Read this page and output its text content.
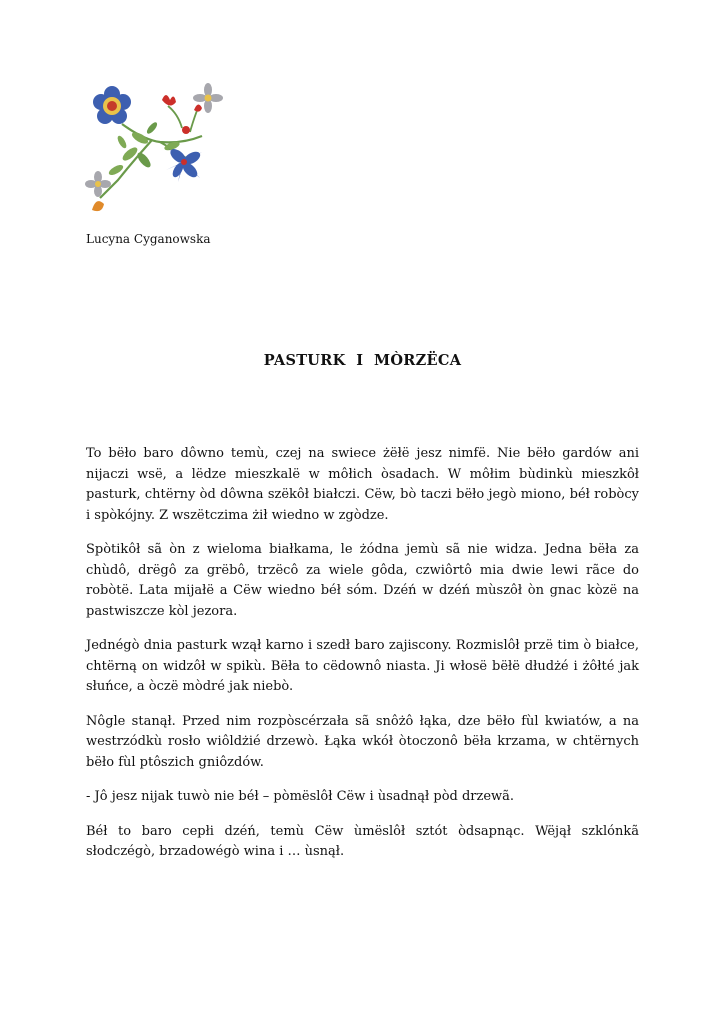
Lucyna Cyganowska
PASTURK  I  MÒRZËCA

To bëło baro dôwno temù, czej na swiece żëłë jesz nimfë. Nie bëło gardów ani nijaczi wsë, a lëdze mieszkalë w môłich òsadach. W môłim bùdinkù mieszkôł pasturk, chtërny òd dôwna szëkôł białczi. Cëw, bò taczi bëło jegò miono, béł robòcy i spòkójny. Z wszëtczima żił wiedno w zgòdze.

Spòtikôł sã òn z wieloma białkama, le żódna jemù sã nie widza. Jedna bëła za chùdô, drëgô za grëbô, trzëcô za wiele gôda, czwiôrtô mia dwie lewi rãce do robòtë. Lata mijałë a Cëw wiedno béł sóm. Dzéń w dzéń mùszôł òn gnac kòzë na pastwiszcze kòl jezora.

Jednégò dnia pasturk wzął karno i szedł baro zajiscony. Rozmislôł przë tim ò białce, chtërną on widzôł w spikù. Bëła to cëdownô niasta. Ji włosë bëłë dłudżé i żôłté jak słuńce, a òczë mòdré jak niebò.

Nôgle stanął. Przed nim rozpòscérzała sã snôżô łąka, dze bëło fùl kwiatów, a na westrzódkù rosło wiôldżié drzewò. Łąka wkół òtoczonô bëła krzama, w chtërnych bëło fùl ptôszich gniôzdów.

- Jô jesz nijak tuwò nie béł – pòmëslôł Cëw i ùsadnął pòd drzewã.

Béł to baro cepłi dzéń, temù Cëw ùmëslôł sztót òdsapnąc. Wëjął szklónkã słodczégò, brzadowégò wina i … ùsnął.
